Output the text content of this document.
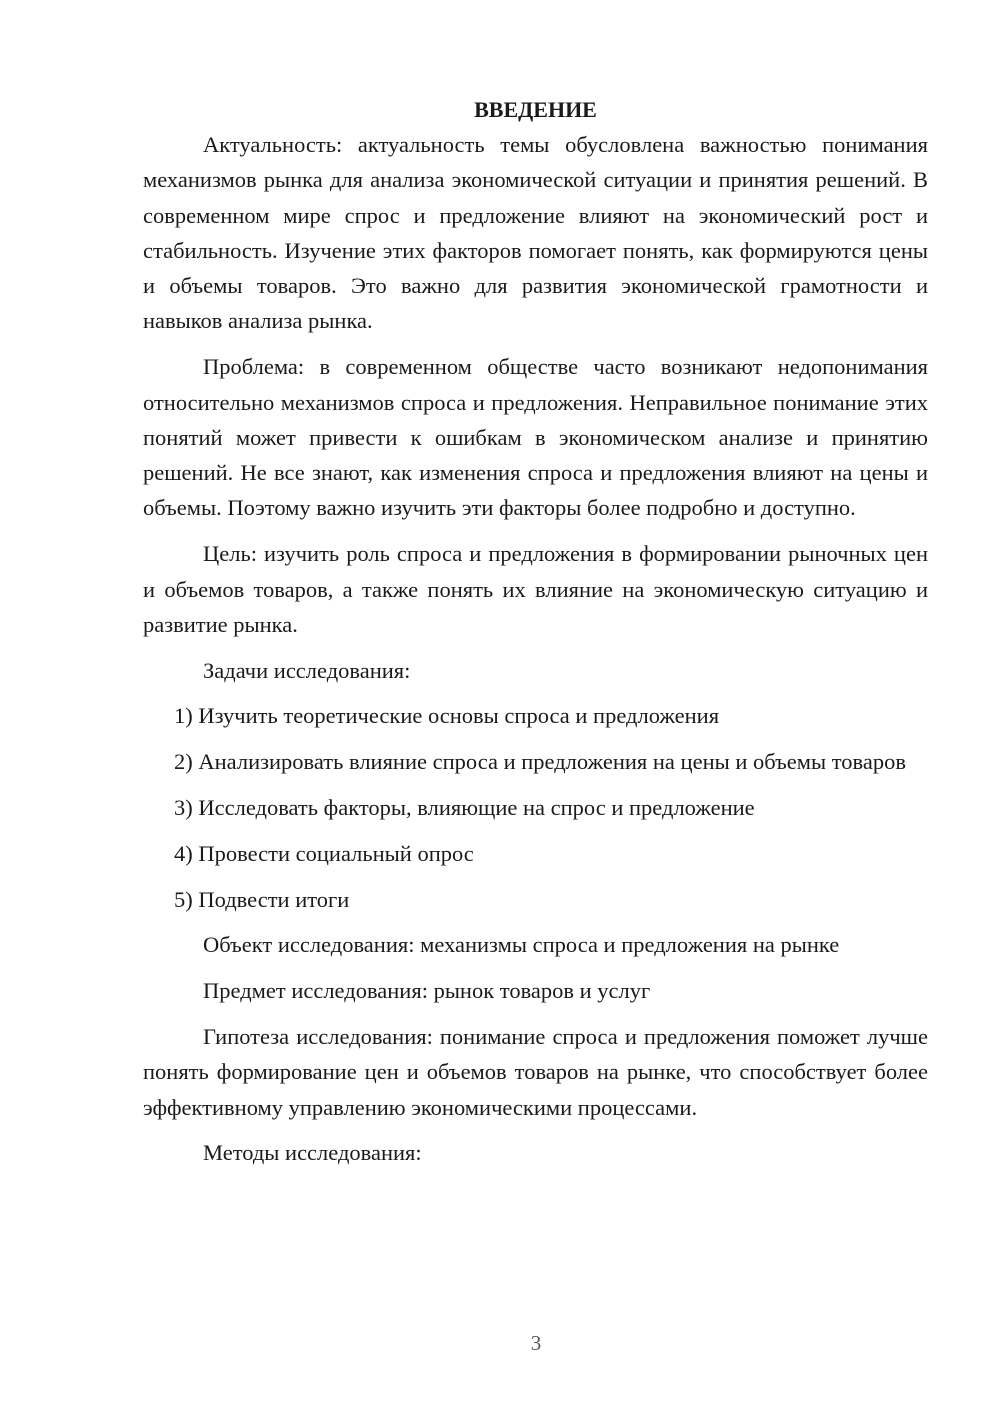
ВВЕДЕНИЕ

Актуальность: актуальность темы обусловлена важностью понимания механизмов рынка для анализа экономической ситуации и принятия решений. В современном мире спрос и предложение влияют на экономический рост и стабильность. Изучение этих факторов помогает понять, как формируются цены и объемы товаров. Это важно для развития экономической грамотности и навыков анализа рынка.

Проблема: в современном обществе часто возникают недопонимания относительно механизмов спроса и предложения. Неправильное понимание этих понятий может привести к ошибкам в экономическом анализе и принятию решений. Не все знают, как изменения спроса и предложения влияют на цены и объемы. Поэтому важно изучить эти факторы более подробно и доступно.

Цель: изучить роль спроса и предложения в формировании рыночных цен и объемов товаров, а также понять их влияние на экономическую ситуацию и развитие рынка.

Задачи исследования:

1) Изучить теоретические основы спроса и предложения

2) Анализировать влияние спроса и предложения на цены и объемы товаров

3) Исследовать факторы, влияющие на спрос и предложение

4) Провести социальный опрос

5) Подвести итоги

Объект исследования: механизмы спроса и предложения на рынке

Предмет исследования: рынок товаров и услуг

Гипотеза исследования: понимание спроса и предложения поможет лучше понять формирование цен и объемов товаров на рынке, что способствует более эффективному управлению экономическими процессами.

Методы исследования:

3
